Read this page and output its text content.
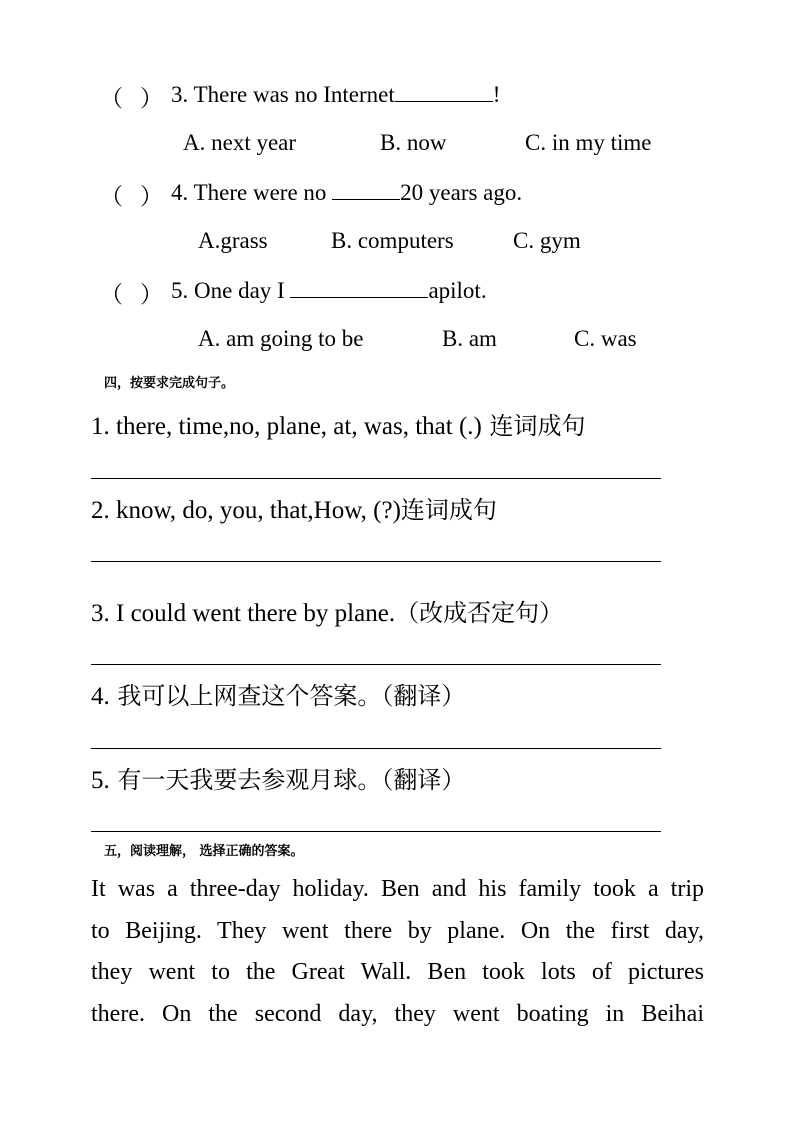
（ ） 3. There was no Internet	!
A. next year	B. now	C. in my time
（ ） 4. There were no	20 years ago.
A.grass	B. computers	C. gym
（ ） 5. One day I	apilot.
A. am going to be	B. am	C. was
四，按要求完成句子。
1. there, time,no, plane, at, was, that (.) 连词成句
2. know, do, you, that,How, (?)连词成句
3. I could went there by plane.（改成否定句）
4. 我可以上网查这个答案。（翻译）
5. 有一天我要去参观月球。（翻译）
五，阅读理解， 选择正确的答案。
It was a three-day holiday. Ben and his family took a trip
to Beijing. They went there by plane. On the first day,
they went to the Great Wall. Ben took lots of pictures
there. On the second day, they went boating in Beihai
